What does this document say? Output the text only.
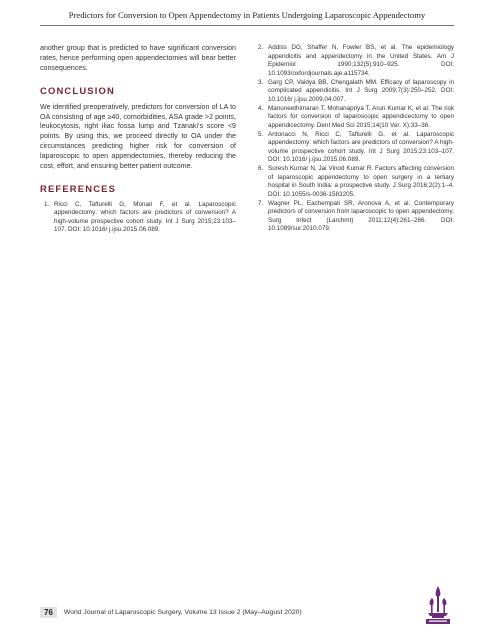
Predictors for Conversion to Open Appendectomy in Patients Undergoing Laparoscopic Appendectomy

another group that is predicted to have significant conversion rates, hence performing open appendectomies will bear better consequences.

CONCLUSION

We identified preoperatively, predictors for conversion of LA to OA consisting of age ≥40, comorbidities, ASA grade >2 points, leukocytosis, right iliac fossa lump and Tzanaki’s score <9 points. By using this, we proceed directly to OA under the circumstances predicting higher risk for conversion of laparoscopic to open appendectomies, thereby reducing the cost, effort, and ensuring better patient outcome.

REFERENCES
1. Ricci C, Tafturelli G, Monari F, et al. Laparoscopic appendectomy: which factors are predictors of conversion? A high-volume prospective cohort study. Int J Surg 2015;23:103–107. DOI: 10.1016/ j.ijsu.2015.06.089.
2. Addiss DG, Shaffer N, Fowler BS, et al. The epidemiology appendicitis and appendectomy in the United States. Am J Epidemiol 1990;132(5):910–925. DOI: 10.1093/oxfordjournals.aje.a115734.
3. Garg CP, Vaidya BB, Chengalath MM. Efficacy of laparoscopy in complicated appendicitis. Int J Surg 2009;7(3):250–252. DOI: 10.1016/ j.ijsu.2009.04.007.
4. Manuneethimaran T, Mohanapriya T, Arun Kumar K, et al. The risk factors for conversion of laparoscopic appendicectomy to open appendicectomy. Dent Med Sci 2015;14(10 Ver. X):33–36.
5. Antonacci N, Ricci C, Tafturelli G, et al. Laparoscopic appendectomy: which factors are predictors of conversion? A high-volume prospective cohort study. Int J Surg 2015;23:103–107. DOI: 10.1016/ j.ijsu.2015.06.089.
6. Suresh Kumar N, Jai Vinod Kumar R. Factors affecting conversion of laparoscopic appendectomy to open surgery in a tertiary hospital in South India: a prospective study. J Surg 2016;2(2):1–4. DOI: 10.1055/s-0036-1583205.
7. Wagner PL, Eachempati SR, Aronova A, et al. Contemporary predictors of conversion from laparoscopic to open appendectomy. Surg Infect (Larchmt) 2011;12(4):261–266. DOI: 10.1089/sur.2010.079.
76	World Journal of Laparoscopic Surgery, Volume 13 Issue 2 (May–August 2020)
